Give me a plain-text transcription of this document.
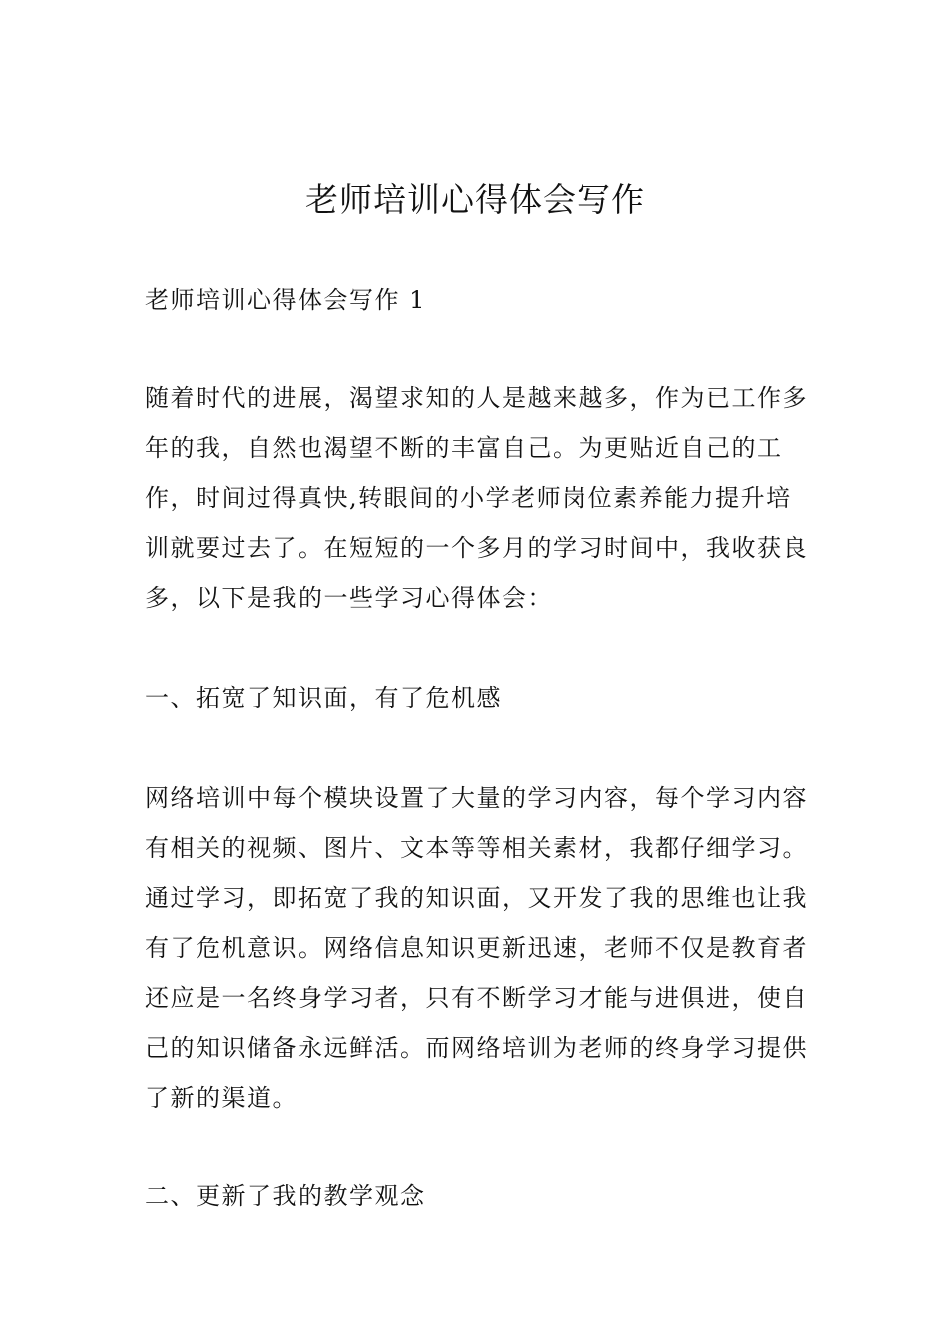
老师培训心得体会写作

老师培训心得体会写作 1

随着时代的进展，渴望求知的人是越来越多，作为已工作多年的我，自然也渴望不断的丰富自己。为更贴近自己的工作，时间过得真快,转眼间的小学老师岗位素养能力提升培训就要过去了。在短短的一个多月的学习时间中，我收获良多，以下是我的一些学习心得体会：

一、拓宽了知识面，有了危机感

网络培训中每个模块设置了大量的学习内容，每个学习内容有相关的视频、图片、文本等等相关素材，我都仔细学习。通过学习，即拓宽了我的知识面，又开发了我的思维也让我有了危机意识。网络信息知识更新迅速，老师不仅是教育者还应是一名终身学习者，只有不断学习才能与进俱进，使自己的知识储备永远鲜活。而网络培训为老师的终身学习提供了新的渠道。

二、更新了我的教学观念
